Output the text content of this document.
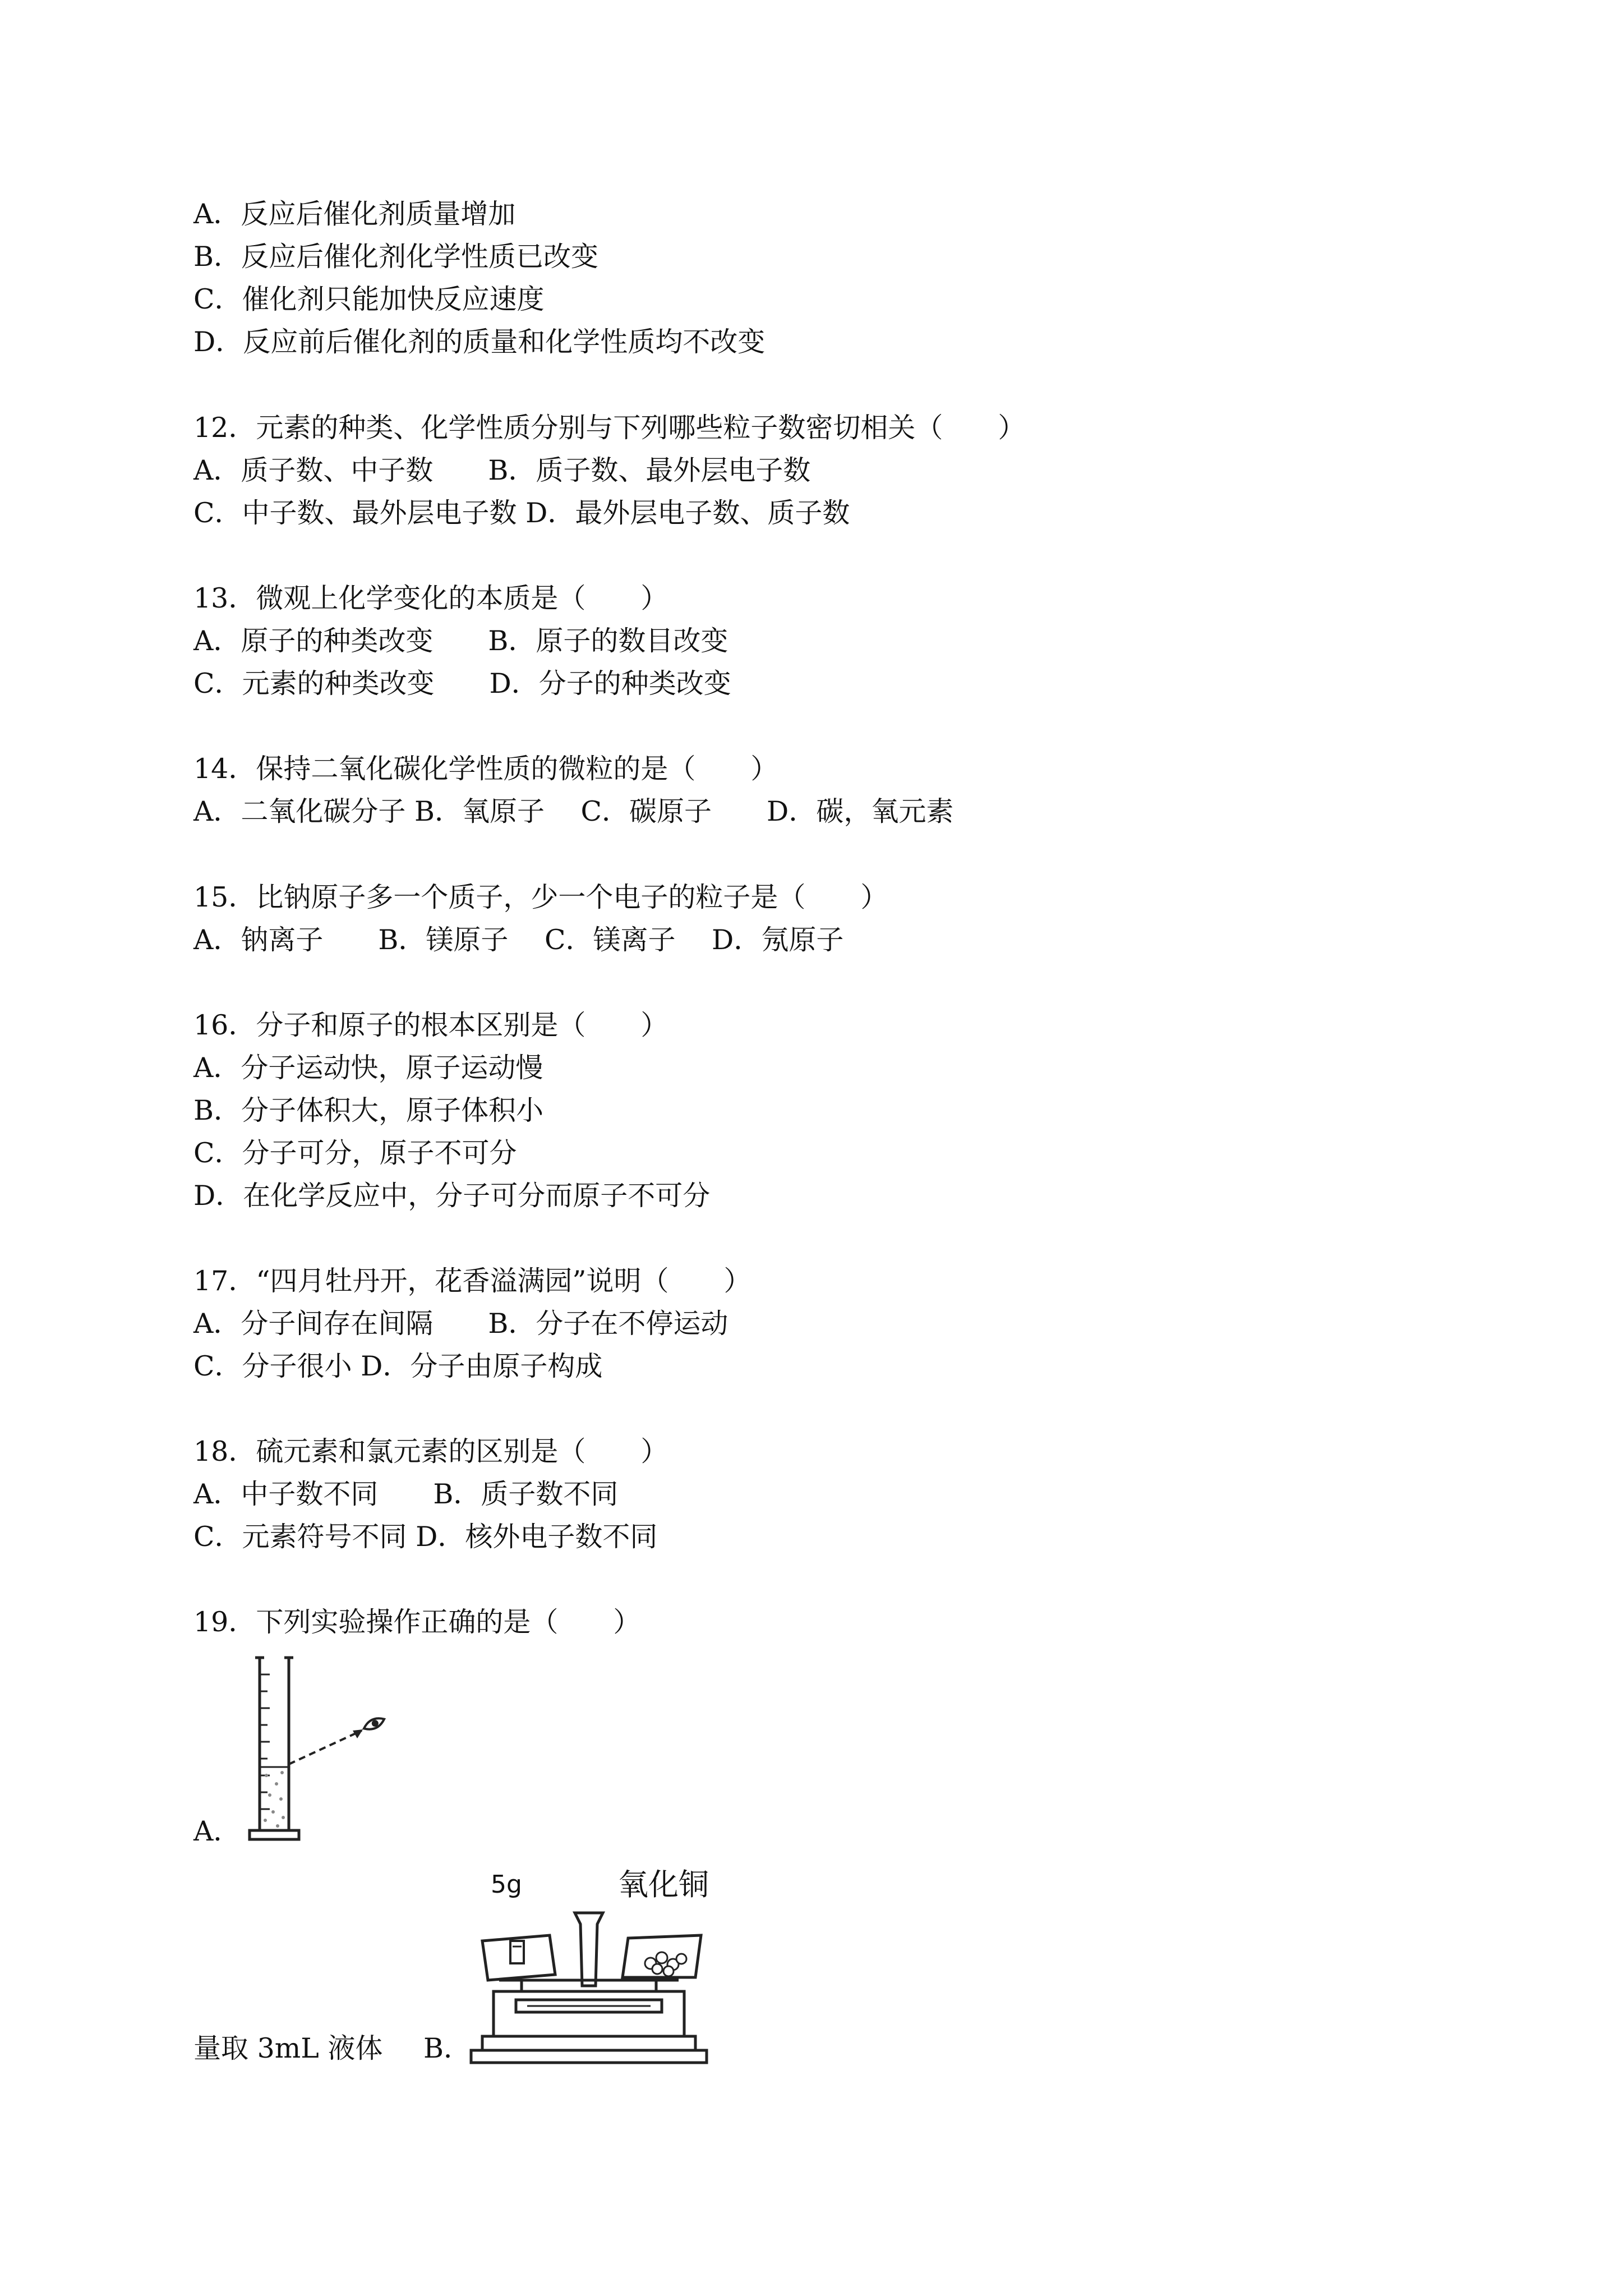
A．反应后催化剂质量增加
B．反应后催化剂化学性质已改变
C．催化剂只能加快反应速度
D．反应前后催化剂的质量和化学性质均不改变
12．元素的种类、化学性质分别与下列哪些粒子数密切相关（　　）
A．质子数、中子数　　B．质子数、最外层电子数
C．中子数、最外层电子数 D．最外层电子数、质子数
13．微观上化学变化的本质是（　　）
A．原子的种类改变　　B．原子的数目改变
C．元素的种类改变　　D．分子的种类改变
14．保持二氧化碳化学性质的微粒的是（　　）
A．二氧化碳分子 B．氧原子　 C．碳原子　　D．碳，氧元素
15．比钠原子多一个质子，少一个电子的粒子是（　　）
A．钠离子　　B．镁原子　 C．镁离子　 D．氖原子
16．分子和原子的根本区别是（　　）
A．分子运动快，原子运动慢
B．分子体积大，原子体积小
C．分子可分，原子不可分
D．在化学反应中，分子可分而原子不可分
17．“四月牡丹开，花香溢满园”说明（　　）
A．分子间存在间隔　　B．分子在不停运动
C．分子很小 D．分子由原子构成
18．硫元素和氯元素的区别是（　　）
A．中子数不同　　B．质子数不同
C．元素符号不同 D．核外电子数不同
19．下列实验操作正确的是（　　）
A．
量取 3mL 液体 B．
5g	氧化铜
